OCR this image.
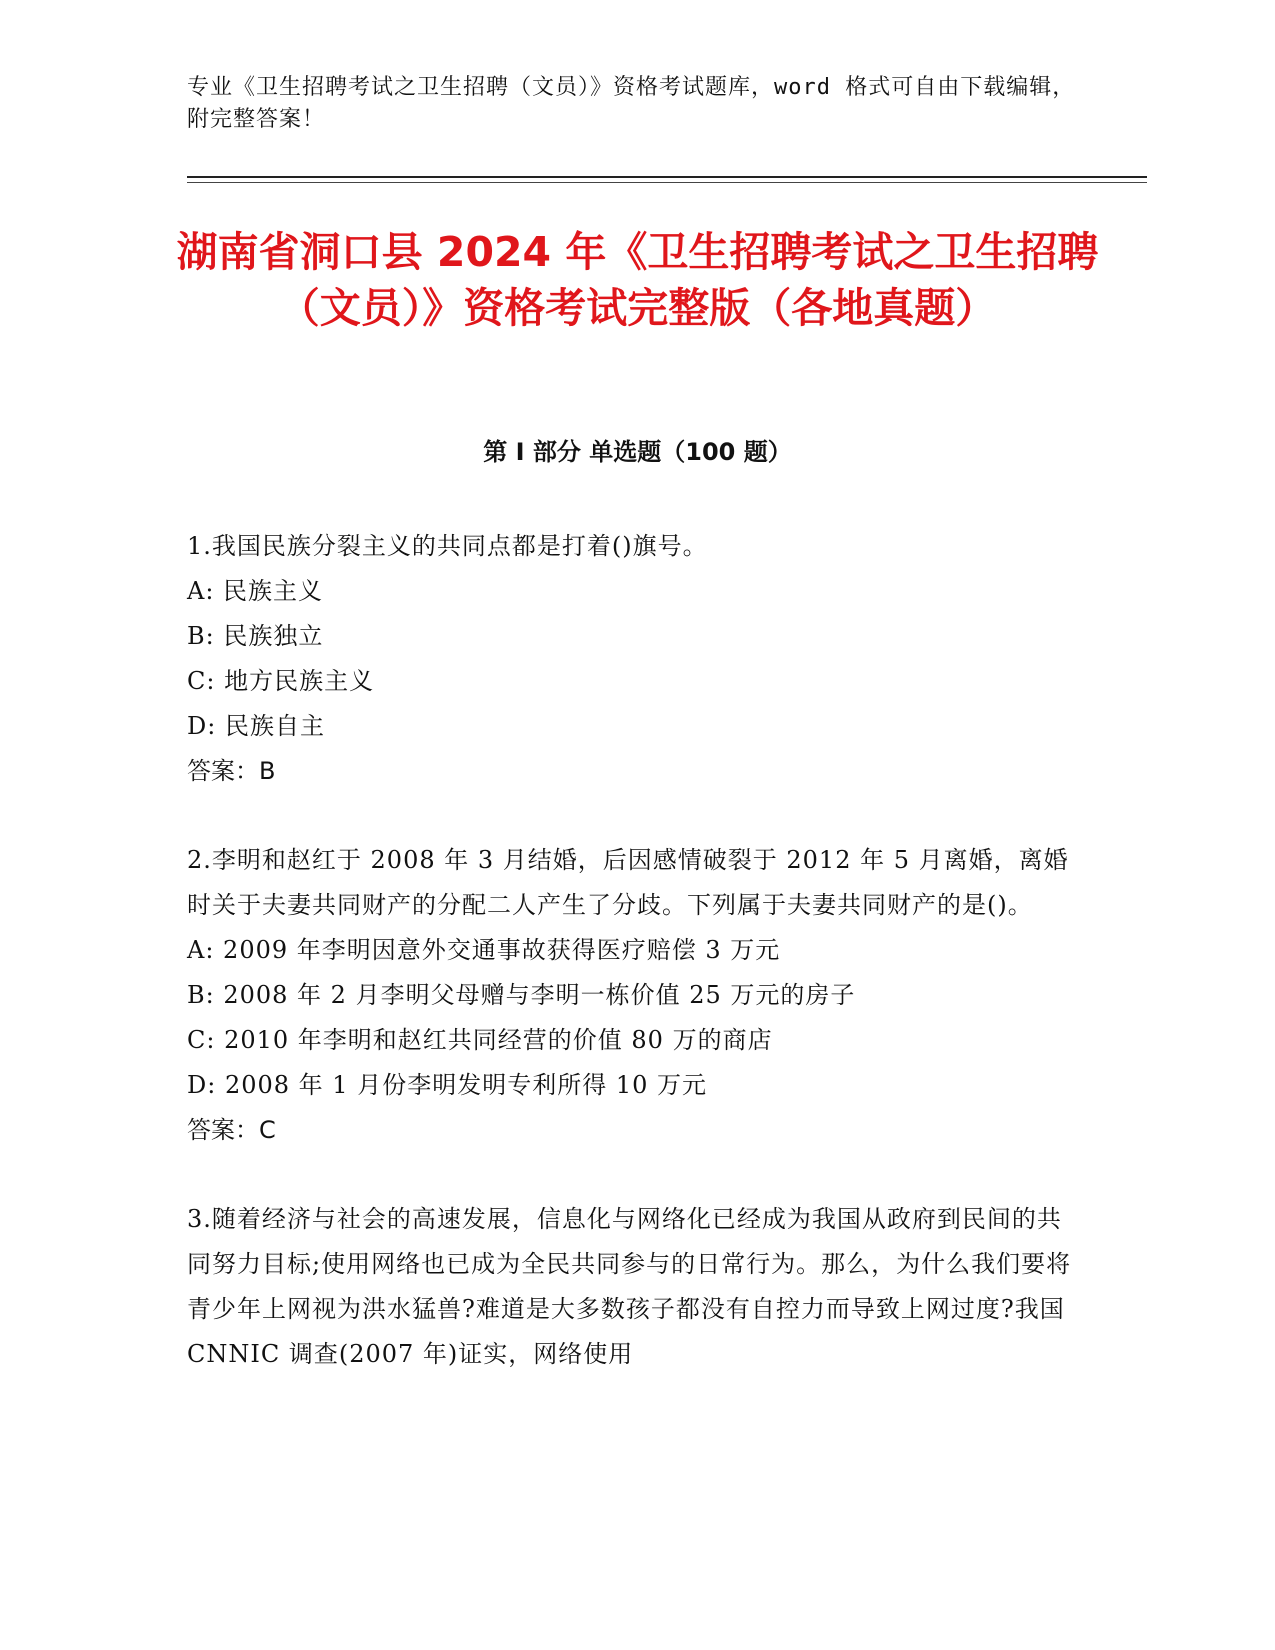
专业《卫生招聘考试之卫生招聘（文员）》资格考试题库，word 格式可自由下载编辑，附完整答案！
湖南省洞口县 2024 年《卫生招聘考试之卫生招聘（文员）》资格考试完整版（各地真题）
第 I 部分 单选题（100 题）

1.我国民族分裂主义的共同点都是打着()旗号。

A: 民族主义

B: 民族独立

C: 地方民族主义

D: 民族自主

答案：B

2.李明和赵红于 2008 年 3 月结婚，后因感情破裂于 2012 年 5 月离婚，离婚时关于夫妻共同财产的分配二人产生了分歧。下列属于夫妻共同财产的是()。

A: 2009 年李明因意外交通事故获得医疗赔偿 3 万元

B: 2008 年 2 月李明父母赠与李明一栋价值 25 万元的房子

C: 2010 年李明和赵红共同经营的价值 80 万的商店

D: 2008 年 1 月份李明发明专利所得 10 万元

答案：C

3.随着经济与社会的高速发展，信息化与网络化已经成为我国从政府到民间的共同努力目标;使用网络也已成为全民共同参与的日常行为。那么，为什么我们要将青少年上网视为洪水猛兽?难道是大多数孩子都没有自控力而导致上网过度?我国 CNNIC 调查(2007 年)证实，网络使用
